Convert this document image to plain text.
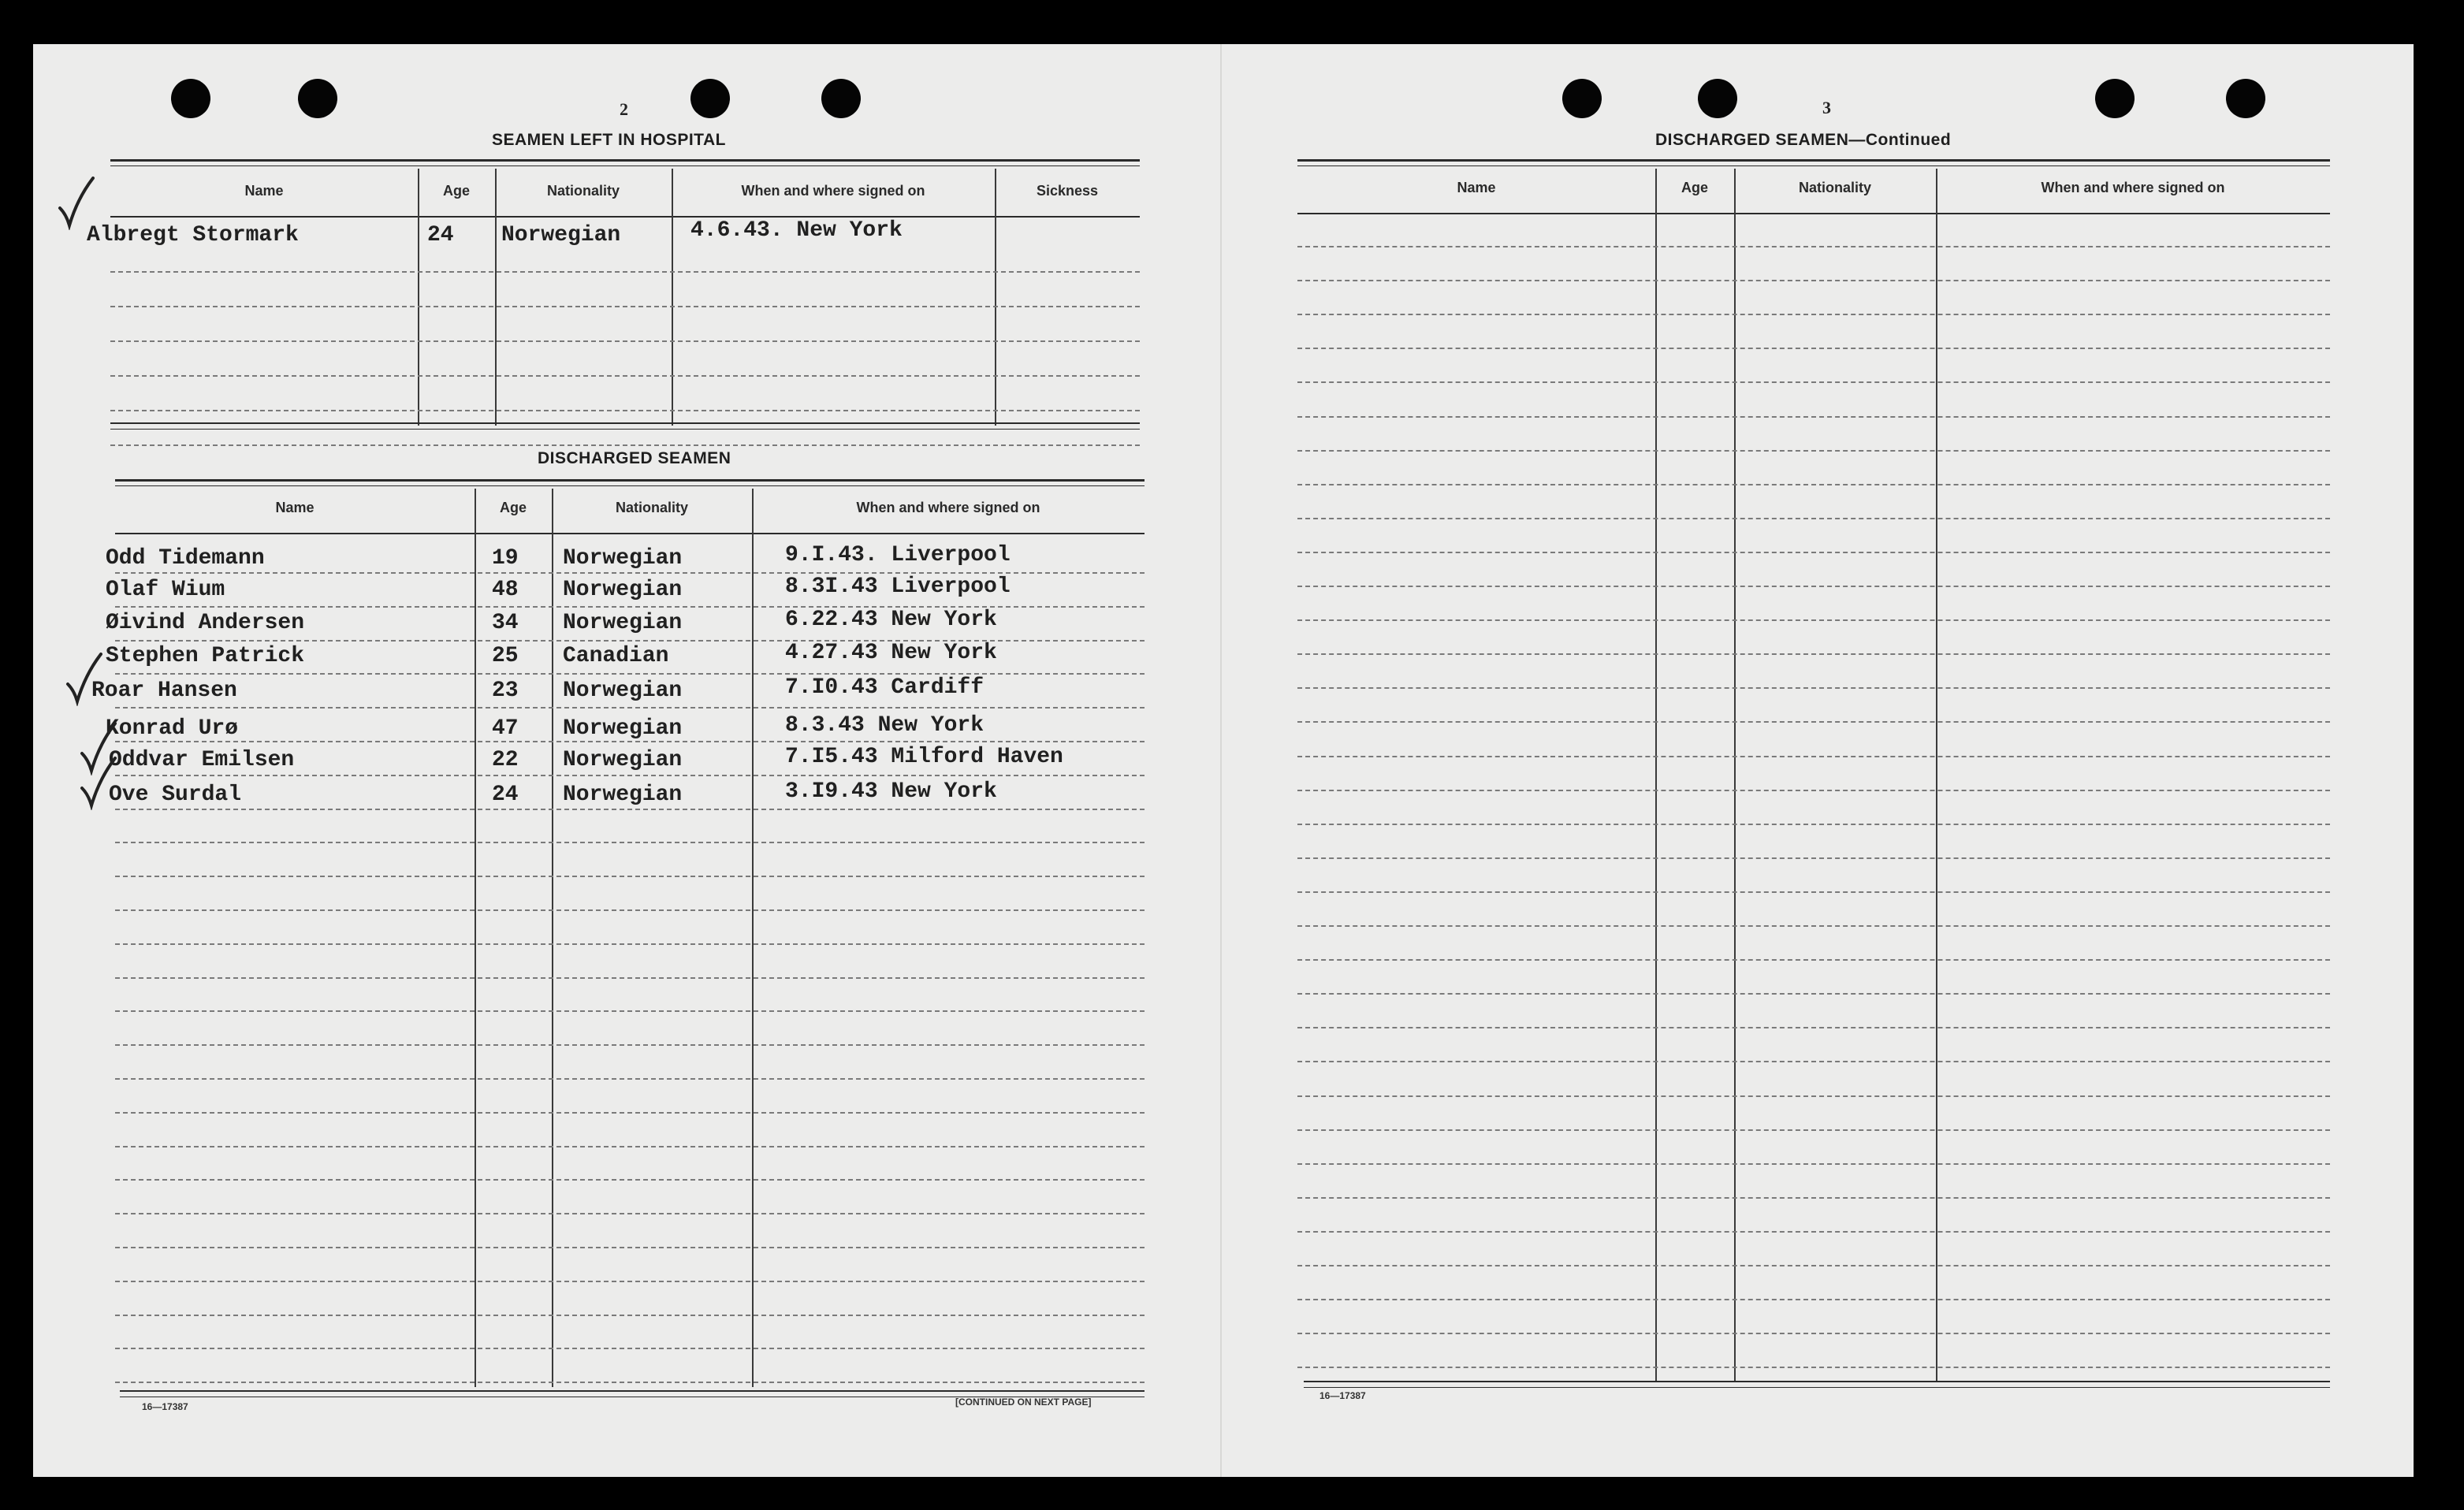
2
SEAMEN LEFT IN HOSPITAL
Name	Age	Nationality	When and where signed on	Sickness
Albregt Stormark	24 Norwegian	4.6.43. New York
DISCHARGED SEAMEN
Name	Age	Nationality	When and where signed on
Odd Tidemann	19 Norwegian	9.I.43. Liverpool
Olaf Wium	48 Norwegian	8.3I.43 Liverpool
Øivind Andersen	34 Norwegian	6.22.43 New York
Stephen Patrick	25 Canadian	4.27.43 New York
Roar Hansen	23 Norwegian	7.I0.43 Cardiff
Konrad Urø	47 Norwegian	8.3.43 New York
Oddvar Emilsen	22 Norwegian	7.I5.43 Milford Haven
Ove Surdal	24 Norwegian	3.I9.43 New York
16—17387	[CONTINUED ON NEXT PAGE]
3
DISCHARGED SEAMEN—Continued
Name	Age	Nationality	When and where signed on
16—17387
